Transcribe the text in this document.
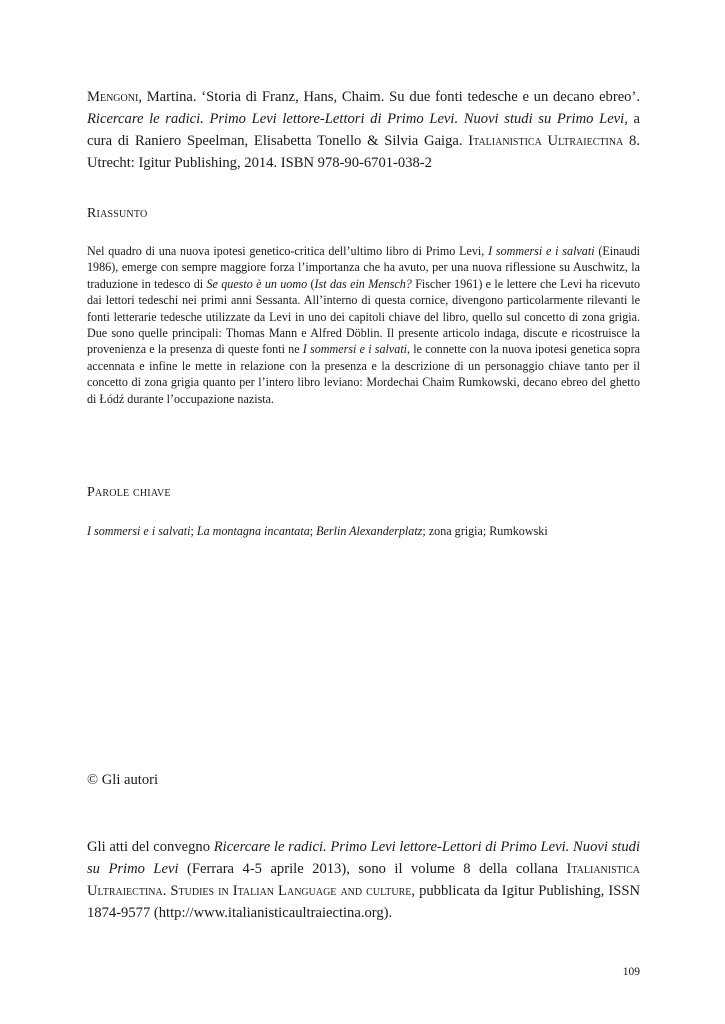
Mengoni, Martina. ‘Storia di Franz, Hans, Chaim. Su due fonti tedesche e un decano ebreo’. Ricercare le radici. Primo Levi lettore-Lettori di Primo Levi. Nuovi studi su Primo Levi, a cura di Raniero Speelman, Elisabetta Tonello & Silvia Gaiga. Italianistica Ultraiectina 8. Utrecht: Igitur Publishing, 2014. ISBN 978-90-6701-038-2
Riassunto
Nel quadro di una nuova ipotesi genetico-critica dell’ultimo libro di Primo Levi, I sommersi e i salvati (Einaudi 1986), emerge con sempre maggiore forza l’importanza che ha avuto, per una nuova riflessione su Auschwitz, la traduzione in tedesco di Se questo è un uomo (Ist das ein Mensch? Fischer 1961) e le lettere che Levi ha ricevuto dai lettori tedeschi nei primi anni Sessanta. All’interno di questa cornice, divengono particolarmente rilevanti le fonti letterarie tedesche utilizzate da Levi in uno dei capitoli chiave del libro, quello sul concetto di zona grigia. Due sono quelle principali: Thomas Mann e Alfred Döblin. Il presente articolo indaga, discute e ricostruisce la provenienza e la presenza di queste fonti ne I sommersi e i salvati, le connette con la nuova ipotesi genetica sopra accennata e infine le mette in relazione con la presenza e la descrizione di un personaggio chiave tanto per il concetto di zona grigia quanto per l’intero libro leviano: Mordechai Chaim Rumkowski, decano ebreo del ghetto di Łódź durante l’occupazione nazista.
Parole chiave
I sommersi e i salvati; La montagna incantata; Berlin Alexanderplatz; zona grigia; Rumkowski
© Gli autori
Gli atti del convegno Ricercare le radici. Primo Levi lettore-Lettori di Primo Levi. Nuovi studi su Primo Levi (Ferrara 4-5 aprile 2013), sono il volume 8 della collana Italianistica Ultraiectina. Studies in Italian Language and culture, pubblicata da Igitur Publishing, ISSN 1874-9577 (http://www.italianisticaultraiectina.org).
109
